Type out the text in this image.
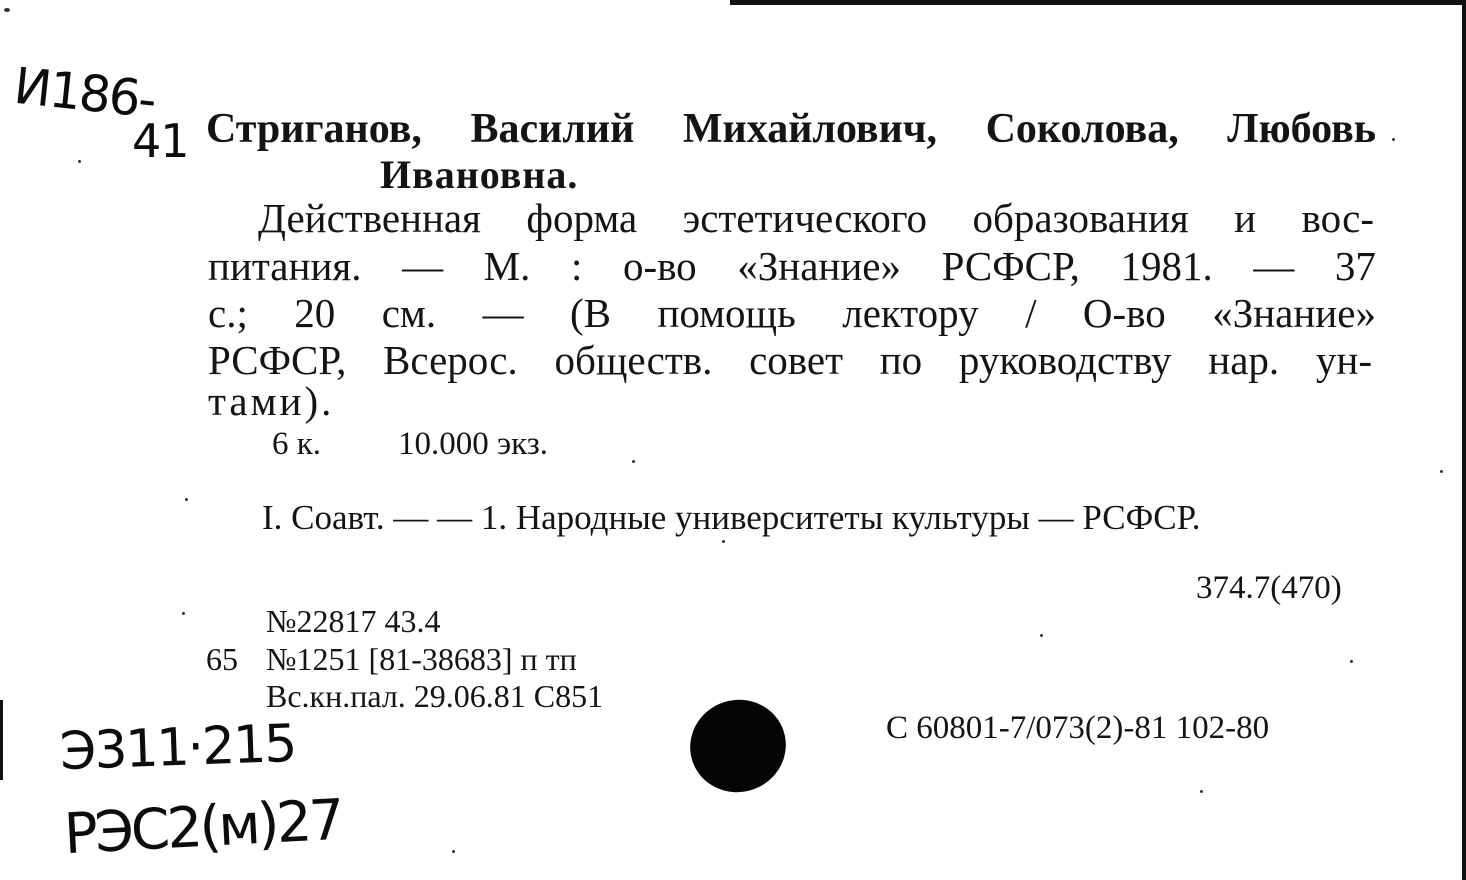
И186-
41
Э311·215
РЭС2(м)27
Стриганов, Василий Михайлович, Соколова, Любовь
Ивановна.
Действенная форма эстетического образования и вос-
питания. — М. : о-во «Знание» РСФСР, 1981. — 37
с.; 20 см. — (В помощь лектору / О-во «Знание»
РСФСР, Всерос. обществ. совет по руководству нар. ун-
тами).
6 к. 10.000 экз.
I. Соавт. — — 1. Народные университеты культуры — РСФСР.
374.7(470)
№22817 43.4
65 №1251 [81-38683] п тп
Вс.кн.пал. 29.06.81 С851
С 60801-7/073(2)-81 102-80
